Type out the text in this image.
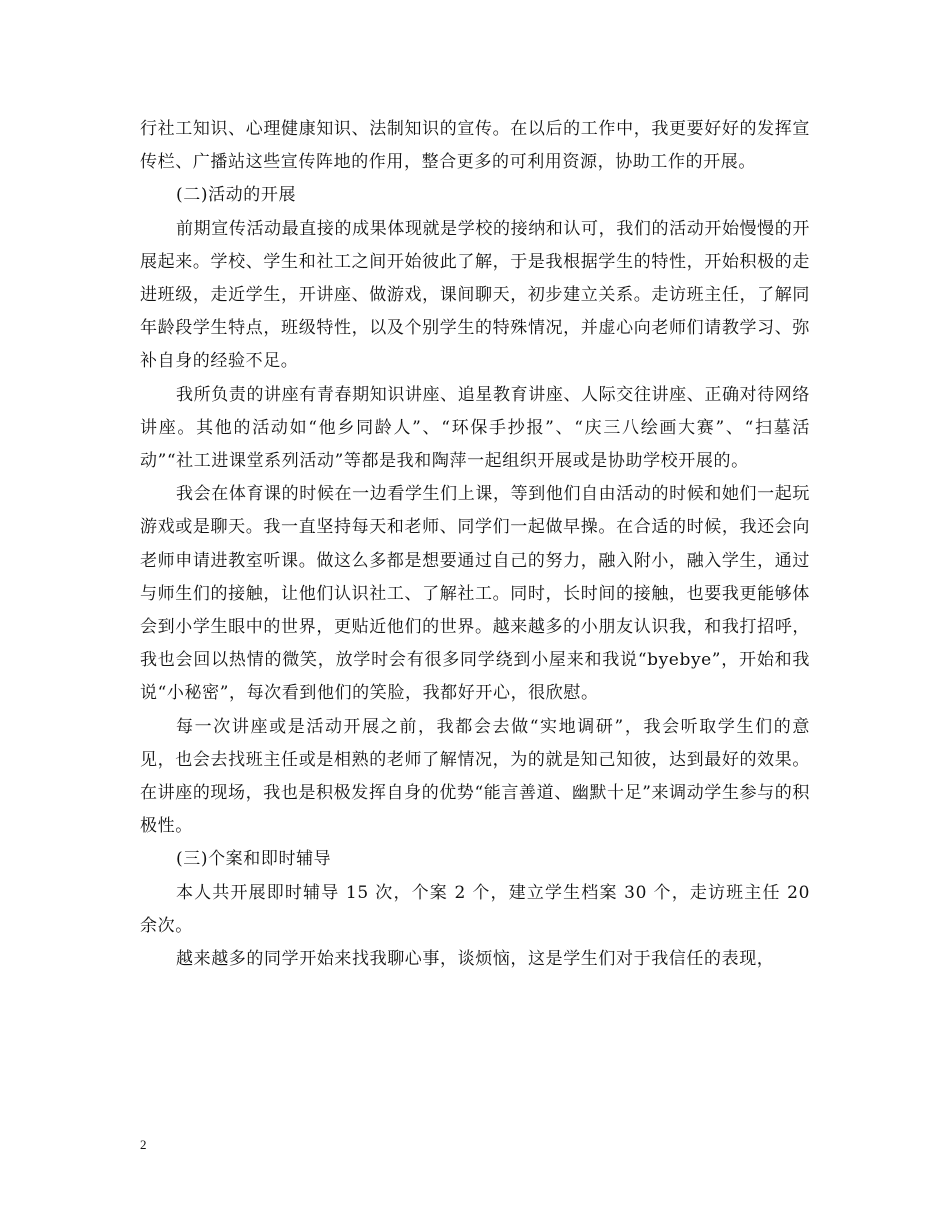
行社工知识、心理健康知识、法制知识的宣传。在以后的工作中，我更要好好的发挥宣传栏、广播站这些宣传阵地的作用，整合更多的可利用资源，协助工作的开展。

(二)活动的开展

前期宣传活动最直接的成果体现就是学校的接纳和认可，我们的活动开始慢慢的开展起来。学校、学生和社工之间开始彼此了解，于是我根据学生的特性，开始积极的走进班级，走近学生，开讲座、做游戏，课间聊天，初步建立关系。走访班主任，了解同年龄段学生特点，班级特性，以及个别学生的特殊情况，并虚心向老师们请教学习、弥补自身的经验不足。

我所负责的讲座有青春期知识讲座、追星教育讲座、人际交往讲座、正确对待网络讲座。其他的活动如“他乡同龄人”、“环保手抄报”、“庆三八绘画大赛”、“扫墓活动”“社工进课堂系列活动”等都是我和陶萍一起组织开展或是协助学校开展的。

我会在体育课的时候在一边看学生们上课，等到他们自由活动的时候和她们一起玩游戏或是聊天。我一直坚持每天和老师、同学们一起做早操。在合适的时候，我还会向老师申请进教室听课。做这么多都是想要通过自己的努力，融入附小，融入学生，通过与师生们的接触，让他们认识社工、了解社工。同时，长时间的接触，也要我更能够体会到小学生眼中的世界，更贴近他们的世界。越来越多的小朋友认识我，和我打招呼，我也会回以热情的微笑，放学时会有很多同学绕到小屋来和我说“byebye”，开始和我说“小秘密”，每次看到他们的笑脸，我都好开心，很欣慰。

每一次讲座或是活动开展之前，我都会去做“实地调研”，我会听取学生们的意见，也会去找班主任或是相熟的老师了解情况，为的就是知己知彼，达到最好的效果。在讲座的现场，我也是积极发挥自身的优势“能言善道、幽默十足”来调动学生参与的积极性。

(三)个案和即时辅导

本人共开展即时辅导 15 次，个案 2 个，建立学生档案 30 个，走访班主任 20 余次。

越来越多的同学开始来找我聊心事，谈烦恼，这是学生们对于我信任的表现，

2
